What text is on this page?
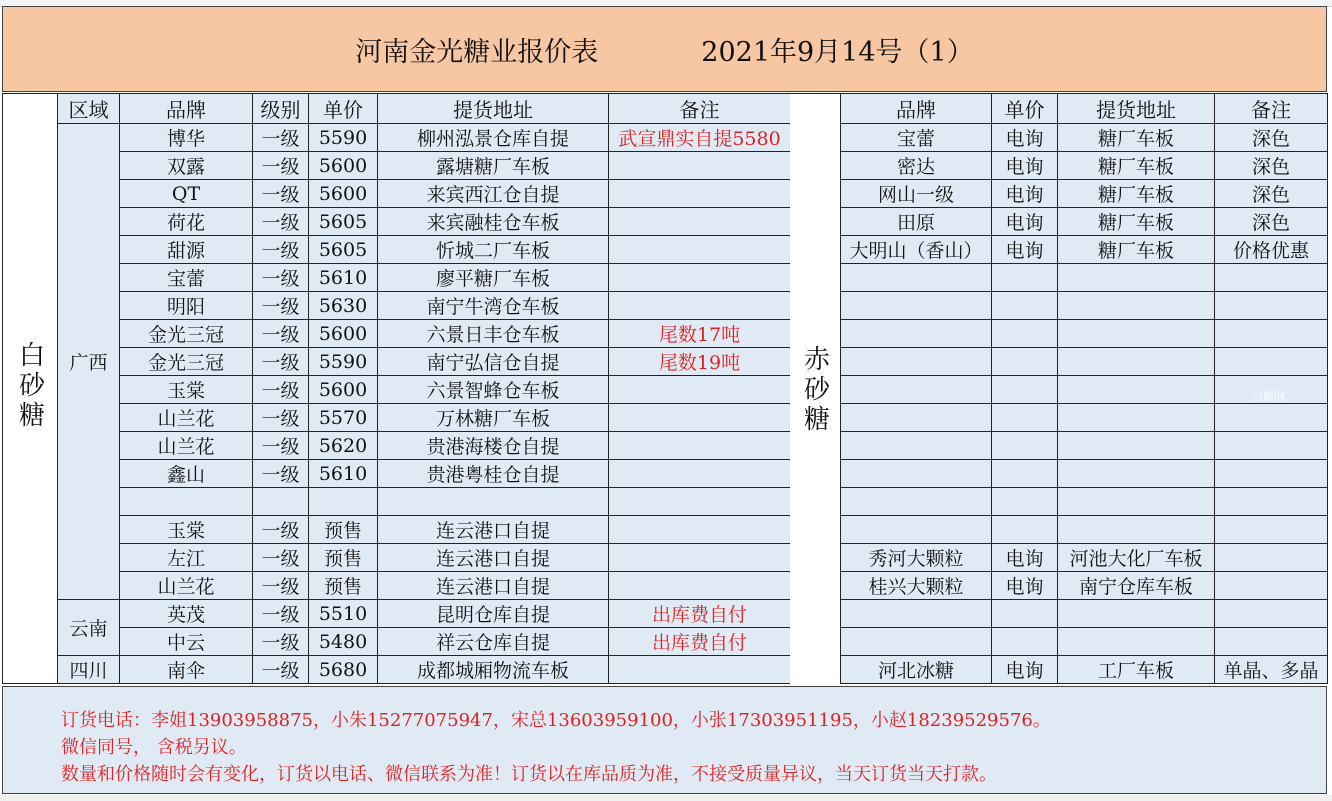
河南金光糖业报价表
	2021年9月14号（1）
白砂糖	区域	品牌	级别	单价	提货地址	备注
	广西	博华	一级	5590	柳州泓景仓库自提	武宣鼎实自提5580
		双露	一级	5600	露塘糖厂车板	
		QT	一级	5600	来宾西江仓自提	
		荷花	一级	5605	来宾融桂仓车板	
		甜源	一级	5605	忻城二厂车板	
		宝蕾	一级	5610	廖平糖厂车板	
		明阳	一级	5630	南宁牛湾仓车板	
		金光三冠	一级	5600	六景日丰仓车板	尾数17吨
		金光三冠	一级	5590	南宁弘信仓自提	尾数19吨
		玉棠	一级	5600	六景智蜂仓车板	
		山兰花	一级	5570	万林糖厂车板	
		山兰花	一级	5620	贵港海楼仓自提	
		鑫山	一级	5610	贵港粤桂仓自提	

		玉棠	一级	预售	连云港口自提	
		左江	一级	预售	连云港口自提	
		山兰花	一级	预售	连云港口自提	
	云南	英茂	一级	5510	昆明仓库自提	出库费自付
		中云	一级	5480	祥云仓库自提	出库费自付
	四川	南伞	一级	5680	成都城厢物流车板	
赤砂糖
品牌	单价	提货地址	备注
宝蕾	电询	糖厂车板	深色
密达	电询	糖厂车板	深色
网山一级	电询	糖厂车板	深色
田原	电询	糖厂车板	深色
大明山（香山）	电询	糖厂车板	价格优惠

秀河大颗粒	电询	河池大化厂车板	
桂兴大颗粒	电询	南宁仓库车板	

河北冰糖	电询	工厂车板	单晶、多晶
白糖网
订货电话：李姐13903958875，小朱15277075947，宋总13603959100，小张17303951195，小赵18239529576。
微信同号， 含税另议。
数量和价格随时会有变化，订货以电话、微信联系为准！订货以在库品质为准，不接受质量异议，当天订货当天打款。
